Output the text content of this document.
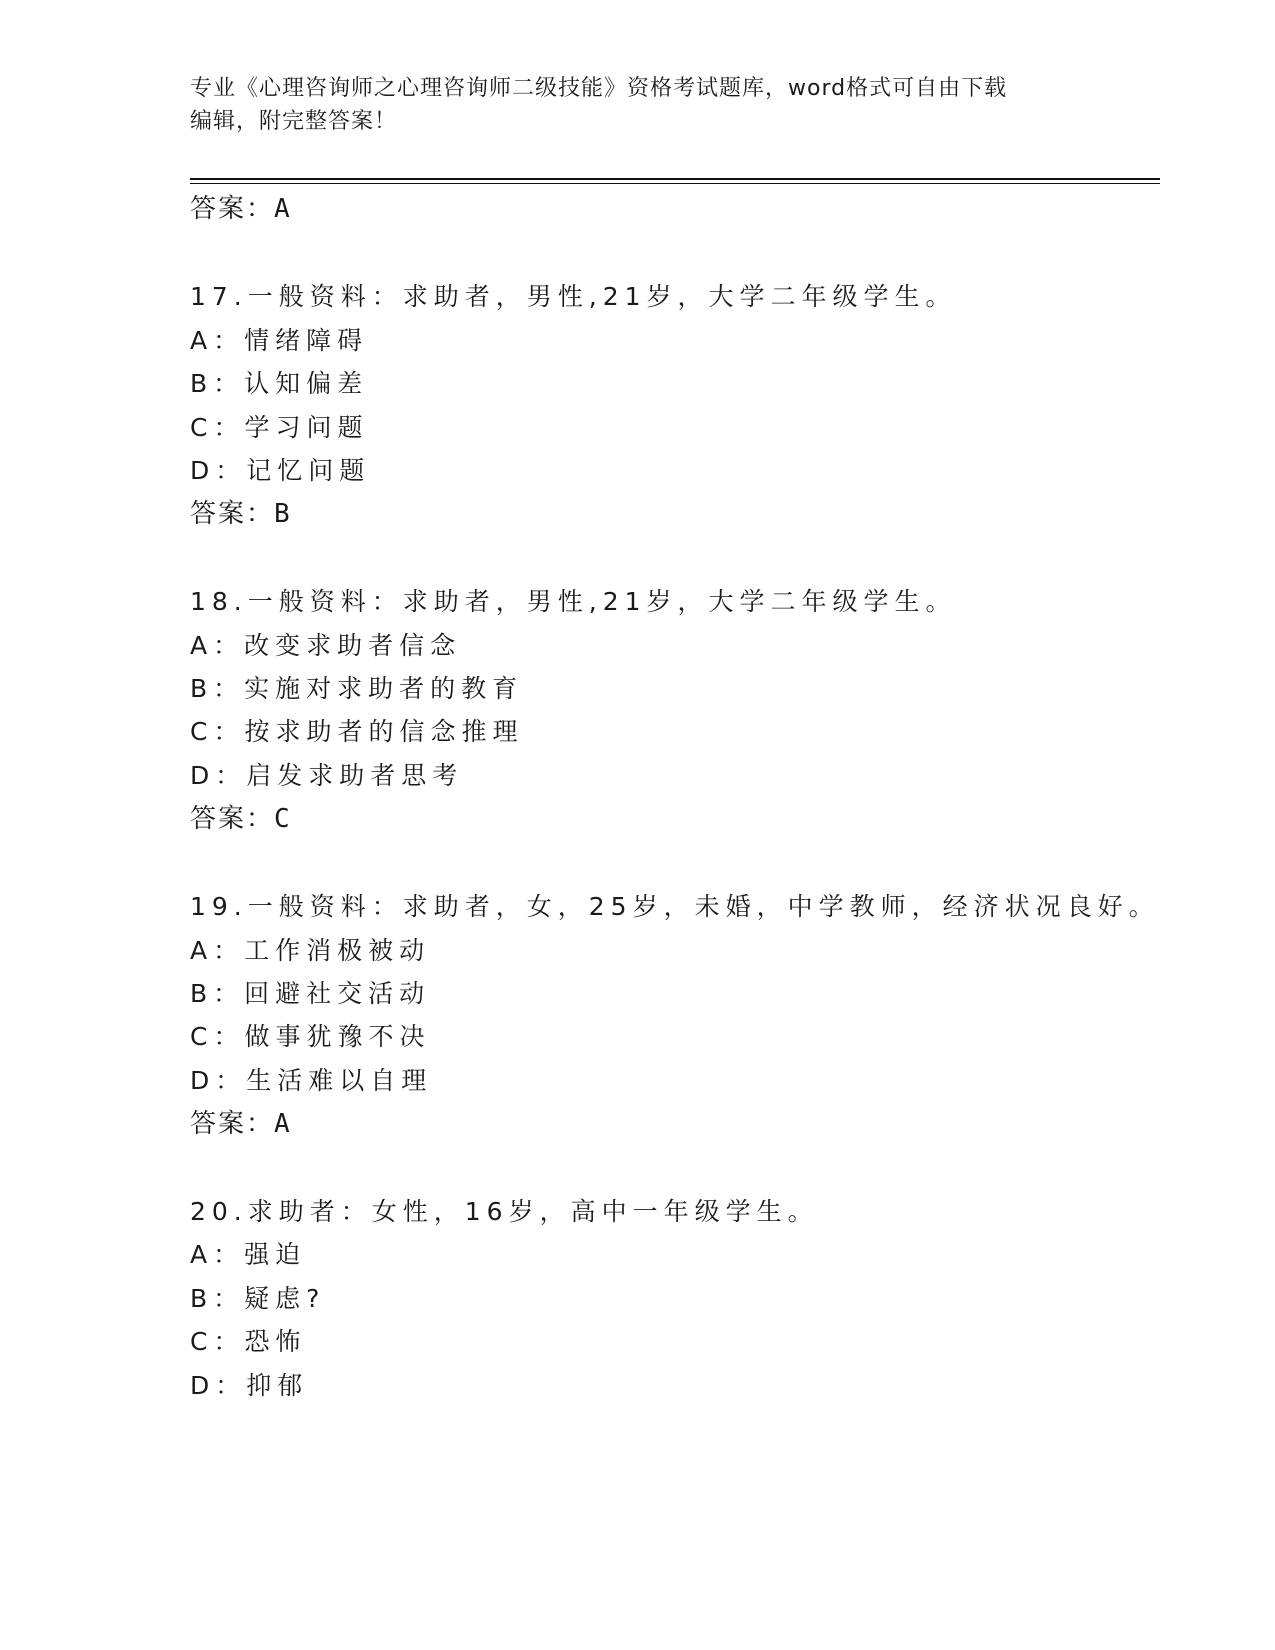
专业《心理咨询师之心理咨询师二级技能》资格考试题库，word格式可自由下载
编辑，附完整答案！
答案：A
17.一般资料：求助者，男性,21岁，大学二年级学生。
A：情绪障碍
B：认知偏差
C：学习问题
D：记忆问题
答案：B
18.一般资料：求助者，男性,21岁，大学二年级学生。
A：改变求助者信念
B：实施对求助者的教育
C：按求助者的信念推理
D：启发求助者思考
答案：C
19.一般资料：求助者，女，25岁，未婚，中学教师，经济状况良好。
A：工作消极被动
B：回避社交活动
C：做事犹豫不决
D：生活难以自理
答案：A
20.求助者：女性，16岁，高中一年级学生。
A：强迫
B：疑虑?
C：恐怖
D：抑郁
